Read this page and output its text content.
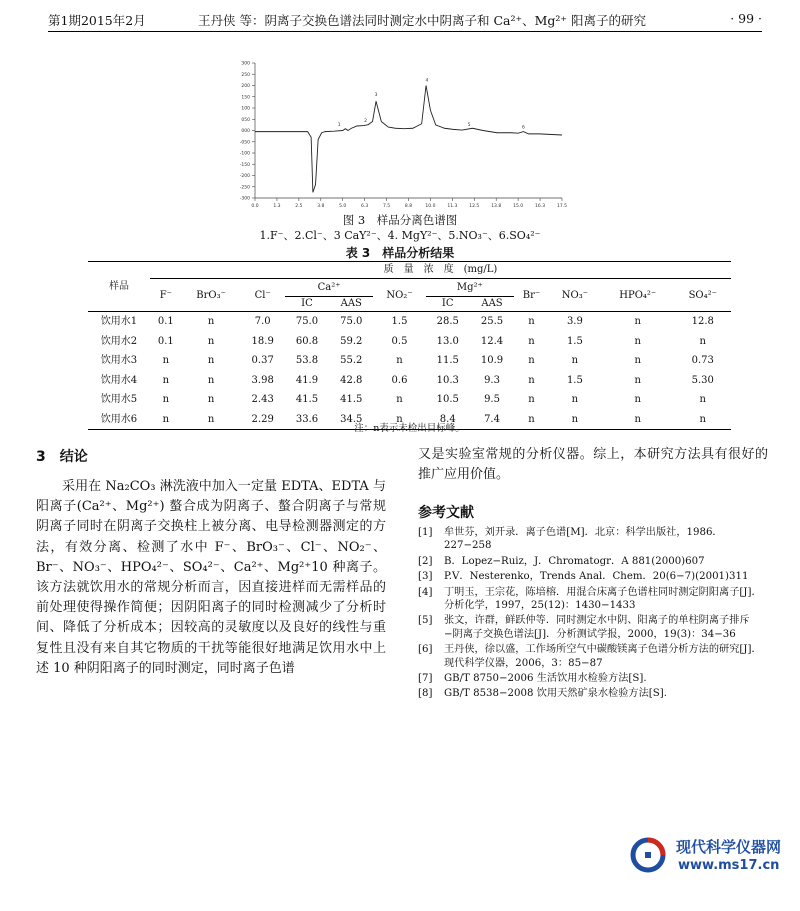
第1期2015年2月	王丹侠 等：阴离子交换色谱法同时测定水中阴离子和 Ca²⁺、Mg²⁺ 阳离子的研究	· 99 ·
300
250
200
150
100
050
000
-050
-100
-150
-200
-250
-300
0.0	1.3	2.5	3.8	5.0	6.3	7.5	8.8	10.0	11.3	12.5	13.8	15.0	16.3	17.5
1
2
3
4
5
6
图 3　样品分离色谱图
1.F⁻、2.Cl⁻、3 CaY²⁻、4. MgY²⁻、5.NO₃⁻、6.SO₄²⁻
表 3　样品分析结果
样品	质　量　浓　度　(mg/L)											
	F⁻	BrO₃⁻	Cl⁻	Ca²⁺		NO₂⁻	Mg²⁺		Br⁻	NO₃⁻	HPO₄²⁻	SO₄²⁻
				IC	AAS		IC	AAS				
饮用水1	0.1	n	7.0	75.0	75.0	1.5	28.5	25.5	n	3.9	n	12.8
饮用水2	0.1	n	18.9	60.8	59.2	0.5	13.0	12.4	n	1.5	n	n
饮用水3	n	n	0.37	53.8	55.2	n	11.5	10.9	n	n	n	0.73
饮用水4	n	n	3.98	41.9	42.8	0.6	10.3	9.3	n	1.5	n	5.30
饮用水5	n	n	2.43	41.5	41.5	n	10.5	9.5	n	n	n	n
饮用水6	n	n	2.29	33.6	34.5	n	8.4	7.4	n	n	n	n
注：n表示未检出目标峰。
3　结论

　　采用在 Na₂CO₃ 淋洗液中加入一定量 EDTA、EDTA 与阳离子(Ca²⁺、Mg²⁺) 螯合成为阴离子、螯合阴离子与常规阴离子同时在阴离子交换柱上被分离、电导检测器测定的方法，有效分离、检测了水中 F⁻、BrO₃⁻、Cl⁻、NO₂⁻、Br⁻、NO₃⁻、HPO₄²⁻、SO₄²⁻、Ca²⁺、Mg²⁺10 种离子。该方法就饮用水的常规分析而言，因直接进样而无需样品的前处理使得操作简便；因阴阳离子的同时检测减少了分析时间、降低了分析成本；因较高的灵敏度以及良好的线性与重复性且没有来自其它物质的干扰等能很好地满足饮用水中上述 10 种阴阳离子的同时测定，同时离子色谱

又是实验室常规的分析仪器。综上，本研究方法具有很好的推广应用价值。

参考文献
[1] 牟世芬，刘开录．离子色谱[M]．北京：科学出版社，1986．227−258
[2] B．Lopez−Ruiz，J．Chromatogr．A 881(2000)607
[3] P.V．Nesterenko，Trends Anal．Chem．20(6−7)(2001)311
[4] 丁明玉，王宗花，陈培榕．用混合床离子色谱柱同时测定阴阳离子[J]．分析化学，1997，25(12)：1430−1433
[5] 张文，许群，鲜跃仲等．同时测定水中阴、阳离子的单柱阴离子排斥−阴离子交换色谱法[J]．分析测试学报，2000，19(3)：34−36
[6] 王丹侠，徐以盛，工作场所空气中碳酸镁离子色谱分析方法的研究[J]．现代科学仪器，2006，3：85−87
[7] GB/T 8750−2006 生活饮用水检验方法[S].
[8] GB/T 8538−2008 饮用天然矿泉水检验方法[S].
现代科学仪器网
www.ms17.cn
